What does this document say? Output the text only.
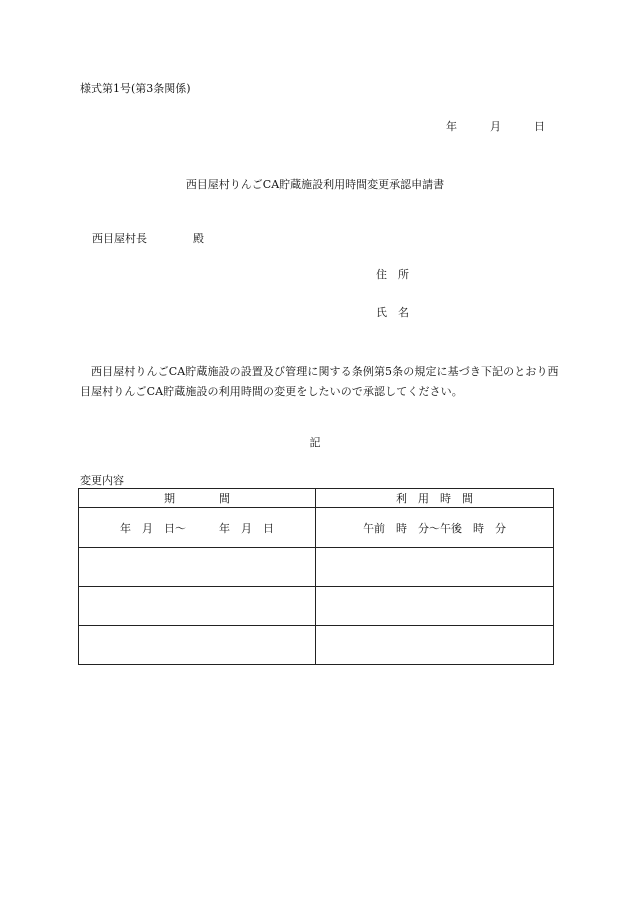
様式第1号(第3条関係)
年	月	日
西目屋村りんごCA貯蔵施設利用時間変更承認申請書
西目屋村長	殿
住　所
氏　名
西目屋村りんごCA貯蔵施設の設置及び管理に関する条例第5条の規定に基づき下記のとおり西目屋村りんごCA貯蔵施設の利用時間の変更をしたいので承認してください。
記
変更内容
期　　　　間	利　用　時　間
年　月　日～　　　年　月　日	午前　時　分～午後　時　分
